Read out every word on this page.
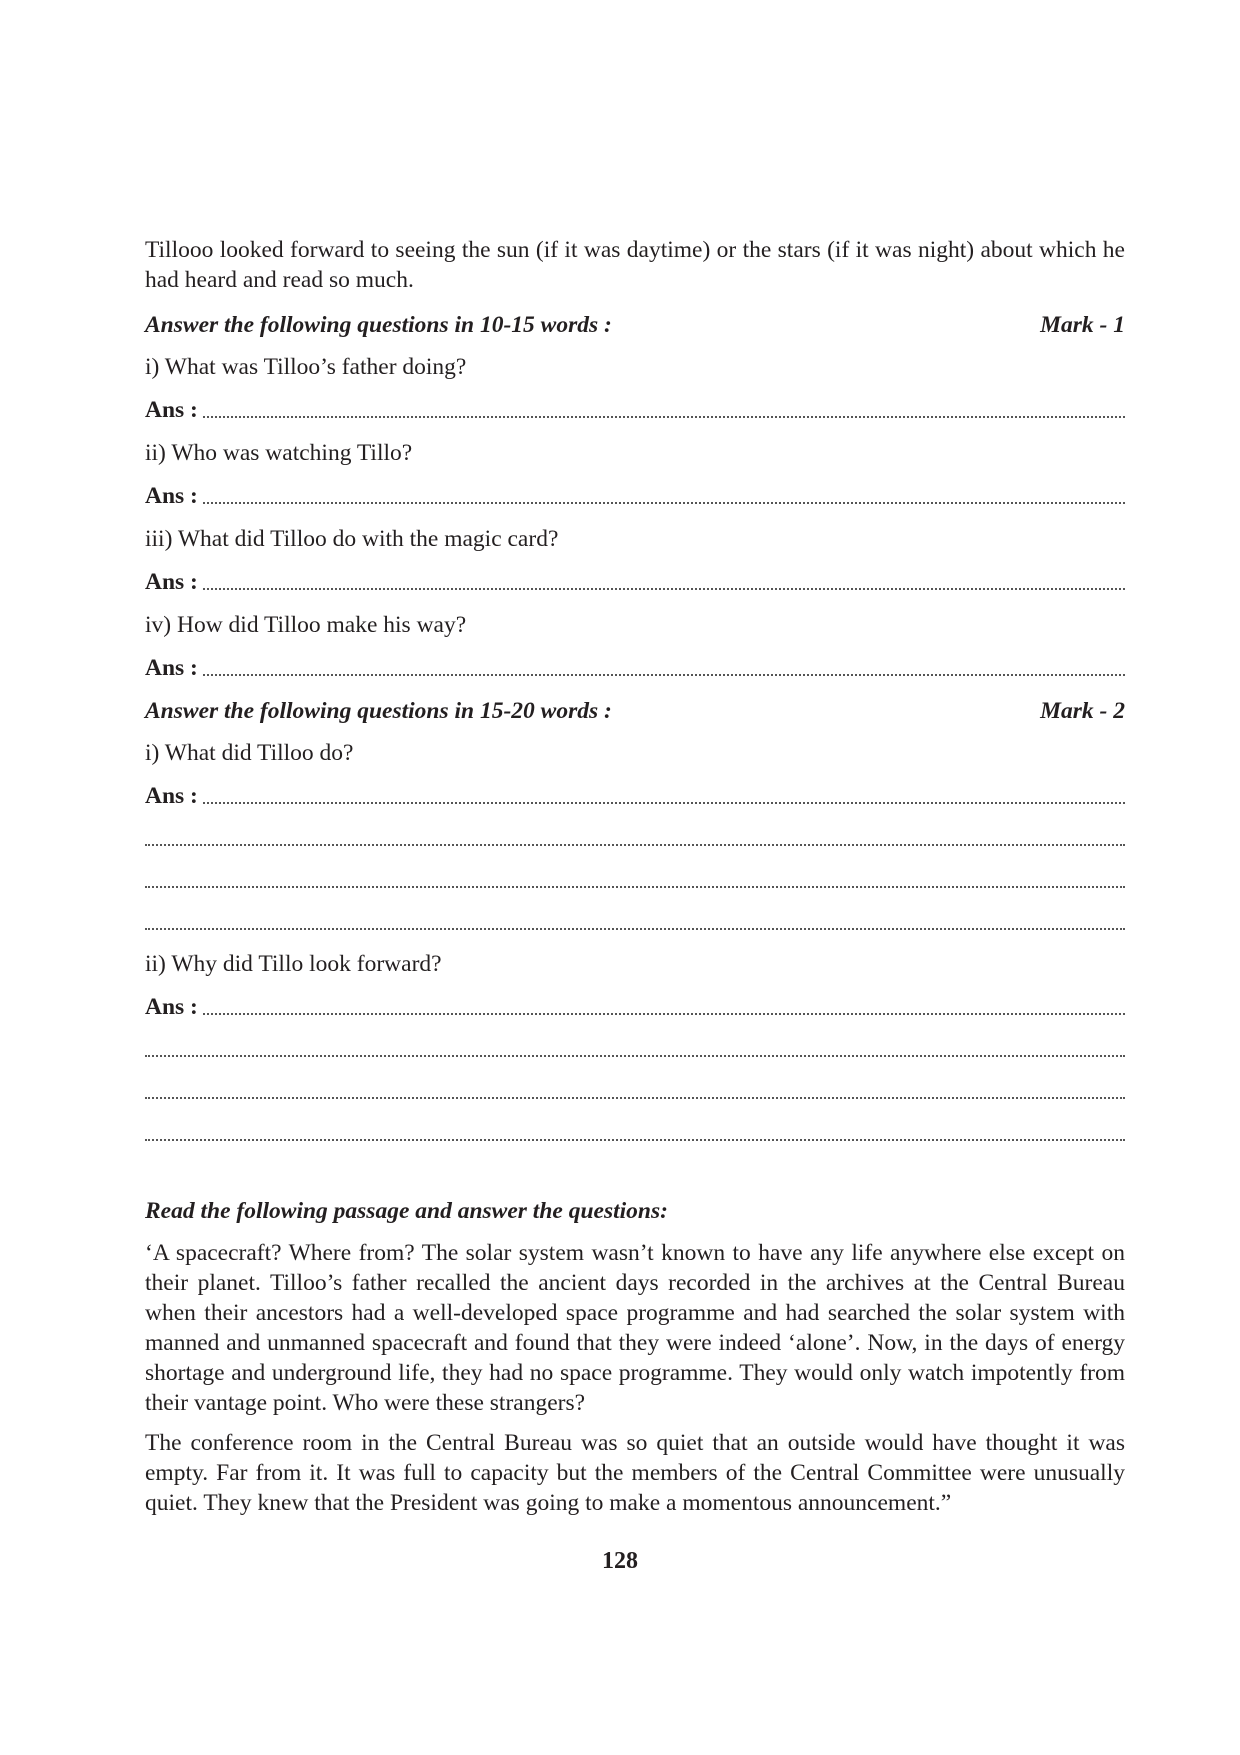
Tillooo looked forward to seeing the sun (if it was daytime) or the stars (if it was night) about which he had heard and read so much.

Answer the following questions in 10-15 words :	Mark - 1

i) What was Tilloo’s father doing?

Ans :

ii) Who was watching Tillo?

Ans :

iii) What did Tilloo do with the magic card?

Ans :

iv) How did Tilloo make his way?

Ans :
Answer the following questions in 15-20 words :	Mark - 2

i) What did Tilloo do?

Ans :

ii) Why did Tillo look forward?

Ans :

Read the following passage and answer the questions:

‘A spacecraft? Where from? The solar system wasn’t known to have any life anywhere else except on their planet. Tilloo’s father recalled the ancient days recorded in the archives at the Central Bureau when their ancestors had a well-developed space programme and had searched the solar system with manned and unmanned spacecraft and found that they were indeed ‘alone’. Now, in the days of energy shortage and underground life, they had no space programme. They would only watch impotently from their vantage point. Who were these strangers?

The conference room in the Central Bureau was so quiet that an outside would have thought it was empty. Far from it. It was full to capacity but the members of the Central Committee were unusually quiet. They knew that the President was going to make a momentous announcement.”

128
